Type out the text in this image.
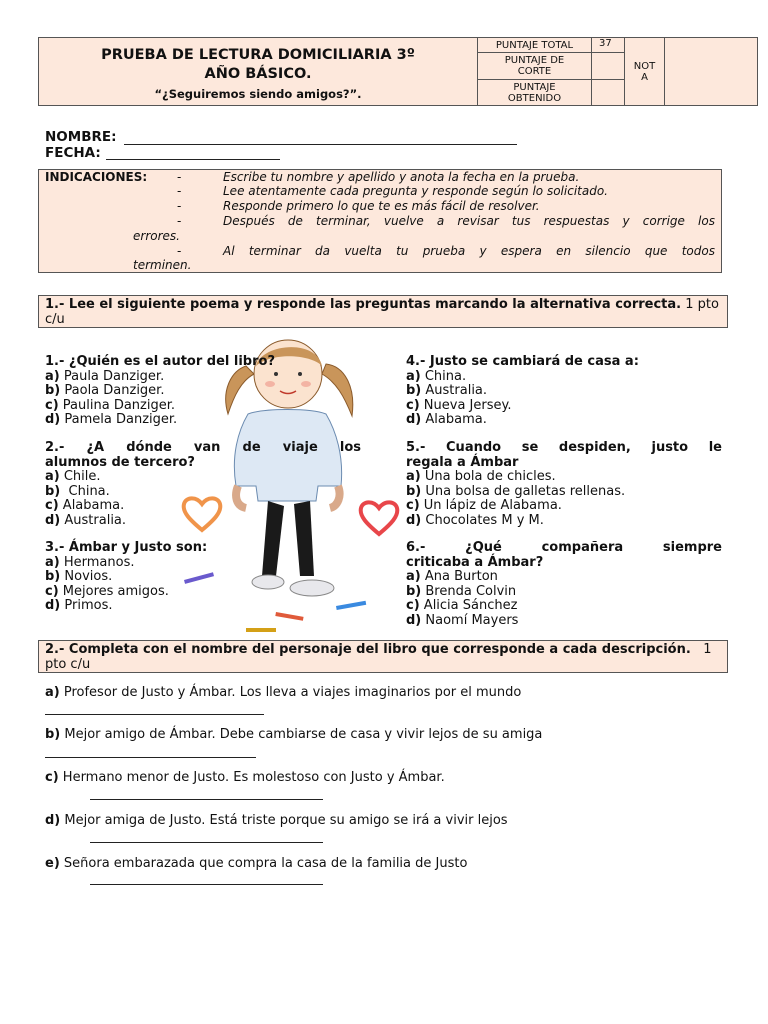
PRUEBA DE LECTURA DOMICILIARIA 3º
AÑO BÁSICO.
“¿Seguiremos siendo amigos?”.
PUNTAJE TOTAL	37
PUNTAJE DE CORTE
PUNTAJE OBTENIDO
NOT A
NOMBRE:
FECHA:
INDICACIONES: -	Escribe tu nombre y apellido y anota la fecha en la prueba.
-	Lee atentamente cada pregunta y responde según lo solicitado.
-	Responde primero lo que te es más fácil de resolver.
-	Después de terminar, vuelve a revisar tus respuestas y corrige los
errores.
-	Al terminar da vuelta tu prueba y espera en silencio que todos
terminen.
1.- Lee el siguiente poema y responde las preguntas marcando la alternativa correcta. 1 pto c/u
1.- ¿Quién es el autor del libro?
a) Paula Danziger.
b) Paola Danziger.
c) Paulina Danziger.
d) Pamela Danziger.
2.- ¿A dónde van de viaje los
alumnos de tercero?
a) Chile.
b) China.
c) Alabama.
d) Australia.
3.- Ámbar y Justo son:
a) Hermanos.
b) Novios.
c) Mejores amigos.
d) Primos.
4.- Justo se cambiará de casa a:
a) China.
b) Australia.
c) Nueva Jersey.
d) Alabama.
5.- Cuando se despiden, justo le
regala a Ámbar
a) Una bola de chicles.
b) Una bolsa de galletas rellenas.
c) Un lápiz de Alabama.
d) Chocolates M y M.
6.- ¿Qué compañera siempre
criticaba a Ámbar?
a) Ana Burton
b) Brenda Colvin
c) Alicia Sánchez
d) Naomí Mayers
2.- Completa con el nombre del personaje del libro que corresponde a cada descripción. 1 pto c/u
a) Profesor de Justo y Ámbar. Los lleva a viajes imaginarios por el mundo
b) Mejor amigo de Ámbar. Debe cambiarse de casa y vivir lejos de su amiga
c) Hermano menor de Justo. Es molestoso con Justo y Ámbar.
d) Mejor amiga de Justo. Está triste porque su amigo se irá a vivir lejos
e) Señora embarazada que compra la casa de la familia de Justo
